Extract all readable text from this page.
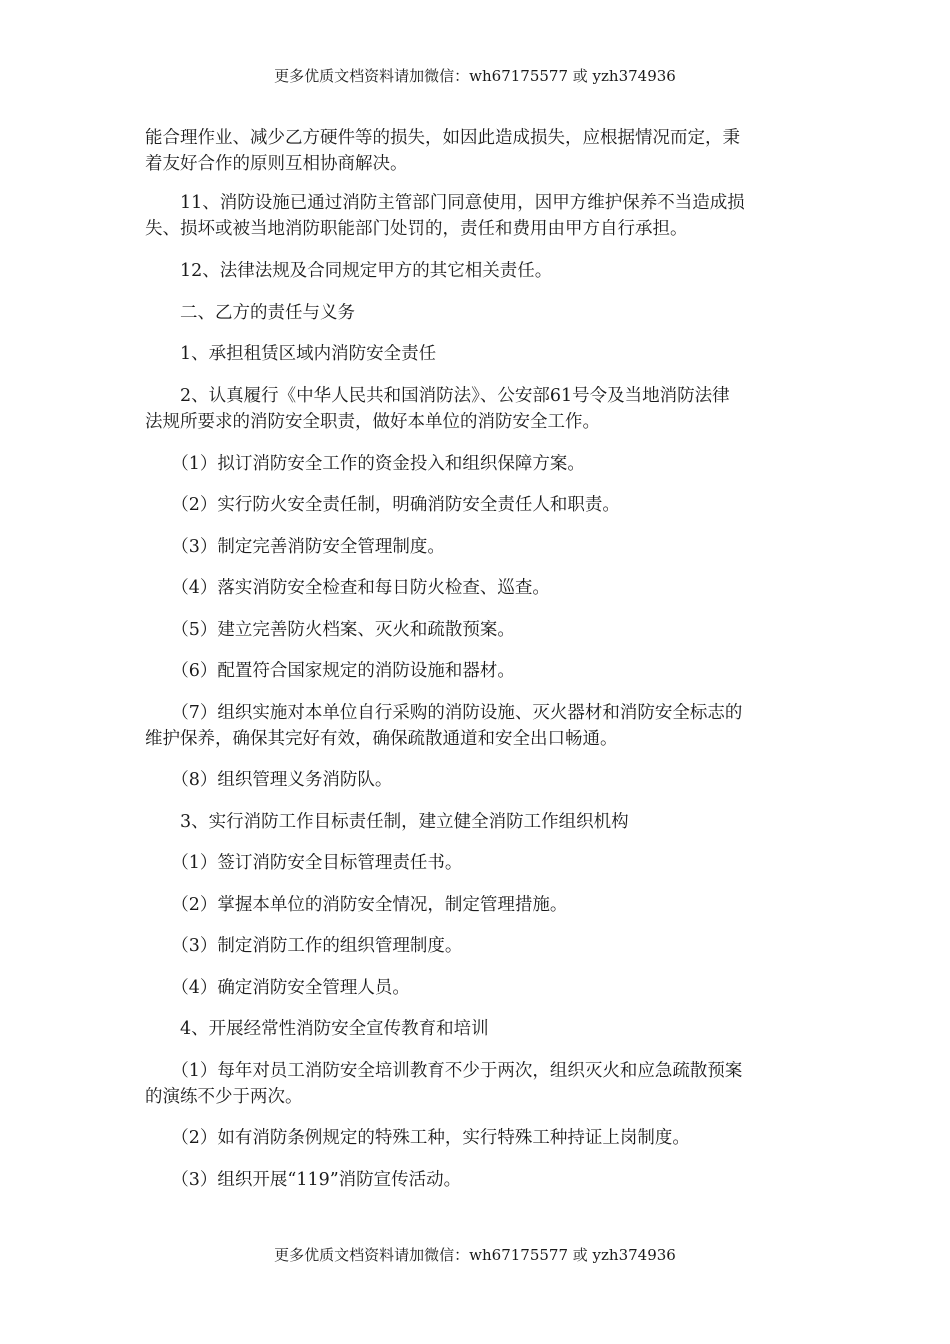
更多优质文档资料请加微信：wh67175577 或 yzh374936
能合理作业、减少乙方硬件等的损失，如因此造成损失，应根据情况而定，秉
着友好合作的原则互相协商解决。
　　11、消防设施已通过消防主管部门同意使用，因甲方维护保养不当造成损
失、损坏或被当地消防职能部门处罚的，责任和费用由甲方自行承担。
　　12、法律法规及合同规定甲方的其它相关责任。
　　二、乙方的责任与义务
　　1、承担租赁区域内消防安全责任
　　2、认真履行《中华人民共和国消防法》、公安部61号令及当地消防法律
法规所要求的消防安全职责，做好本单位的消防安全工作。
　　（1）拟订消防安全工作的资金投入和组织保障方案。
　　（2）实行防火安全责任制，明确消防安全责任人和职责。
　　（3）制定完善消防安全管理制度。
　　（4）落实消防安全检查和每日防火检查、巡查。
　　（5）建立完善防火档案、灭火和疏散预案。
　　（6）配置符合国家规定的消防设施和器材。
　　（7）组织实施对本单位自行采购的消防设施、灭火器材和消防安全标志的
维护保养，确保其完好有效，确保疏散通道和安全出口畅通。
　　（8）组织管理义务消防队。
　　3、实行消防工作目标责任制，建立健全消防工作组织机构
　　（1）签订消防安全目标管理责任书。
　　（2）掌握本单位的消防安全情况，制定管理措施。
　　（3）制定消防工作的组织管理制度。
　　（4）确定消防安全管理人员。
　　4、开展经常性消防安全宣传教育和培训
　　（1）每年对员工消防安全培训教育不少于两次，组织灭火和应急疏散预案
的演练不少于两次。
　　（2）如有消防条例规定的特殊工种，实行特殊工种持证上岗制度。
　　（3）组织开展“119”消防宣传活动。
更多优质文档资料请加微信：wh67175577 或 yzh374936
